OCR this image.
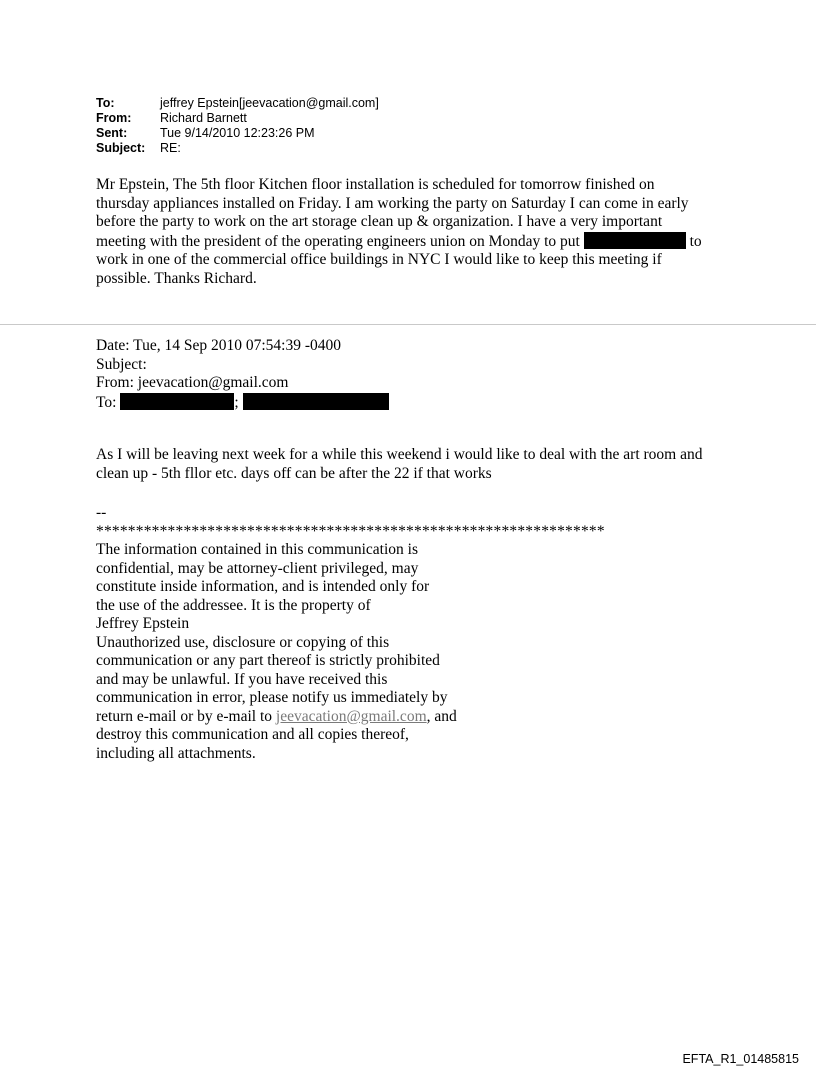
To:	jeffrey Epstein[jeevacation@gmail.com]
From:	Richard Barnett
Sent:	Tue 9/14/2010 12:23:26 PM
Subject:	RE:

Mr Epstein, The 5th floor Kitchen floor installation is scheduled for tomorrow finished on

thursday appliances installed on Friday. I am working the party on Saturday I can come in early

before the party to work on the art storage clean up & organization. I have a very important

meeting with the president of the operating engineers union on Monday to put	to

work in one of the commercial office buildings in NYC I would like to keep this meeting if

possible. Thanks Richard.

Date: Tue, 14 Sep 2010 07:54:39 -0400
Subject:
From: jeevacation@gmail.com
To:	;

As I will be leaving next week for a while this weekend i would like to deal with the art room and

clean up - 5th fllor etc. days off can be after the 22 if that works

--
****************************************************************
The information contained in this communication is
confidential, may be attorney-client privileged, may
constitute inside information, and is intended only for
the use of the addressee. It is the property of
Jeffrey Epstein
Unauthorized use, disclosure or copying of this
communication or any part thereof is strictly prohibited
and may be unlawful. If you have received this
communication in error, please notify us immediately by
return e-mail or by e-mail to jeevacation@gmail.com, and
destroy this communication and all copies thereof,
including all attachments.
EFTA_R1_01485815
